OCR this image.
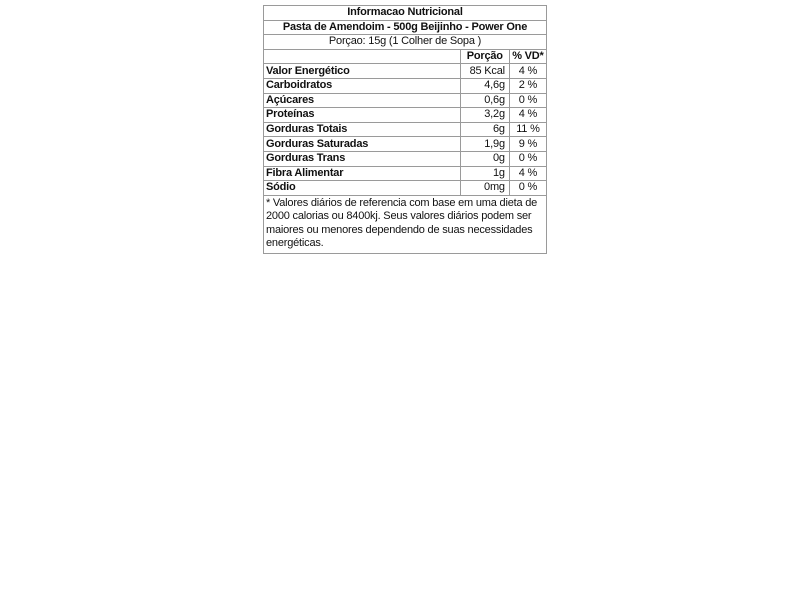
Informacao Nutricional		
Pasta de Amendoim - 500g Beijinho - Power One		
Porçao: 15g (1 Colher de Sopa )		
	Porção	% VD*
Valor Energético	85 Kcal	4 %
Carboidratos	4,6g	2 %
Açúcares	0,6g	0 %
Proteínas	3,2g	4 %
Gorduras Totais	6g	11 %
Gorduras Saturadas	1,9g	9 %
Gorduras Trans	0g	0 %
Fibra Alimentar	1g	4 %
Sódio	0mg	0 %
* Valores diários de referencia com base em uma dieta de 2000 calorias ou 8400kj. Seus valores diários podem ser maiores ou menores dependendo de suas necessidades energéticas.		
